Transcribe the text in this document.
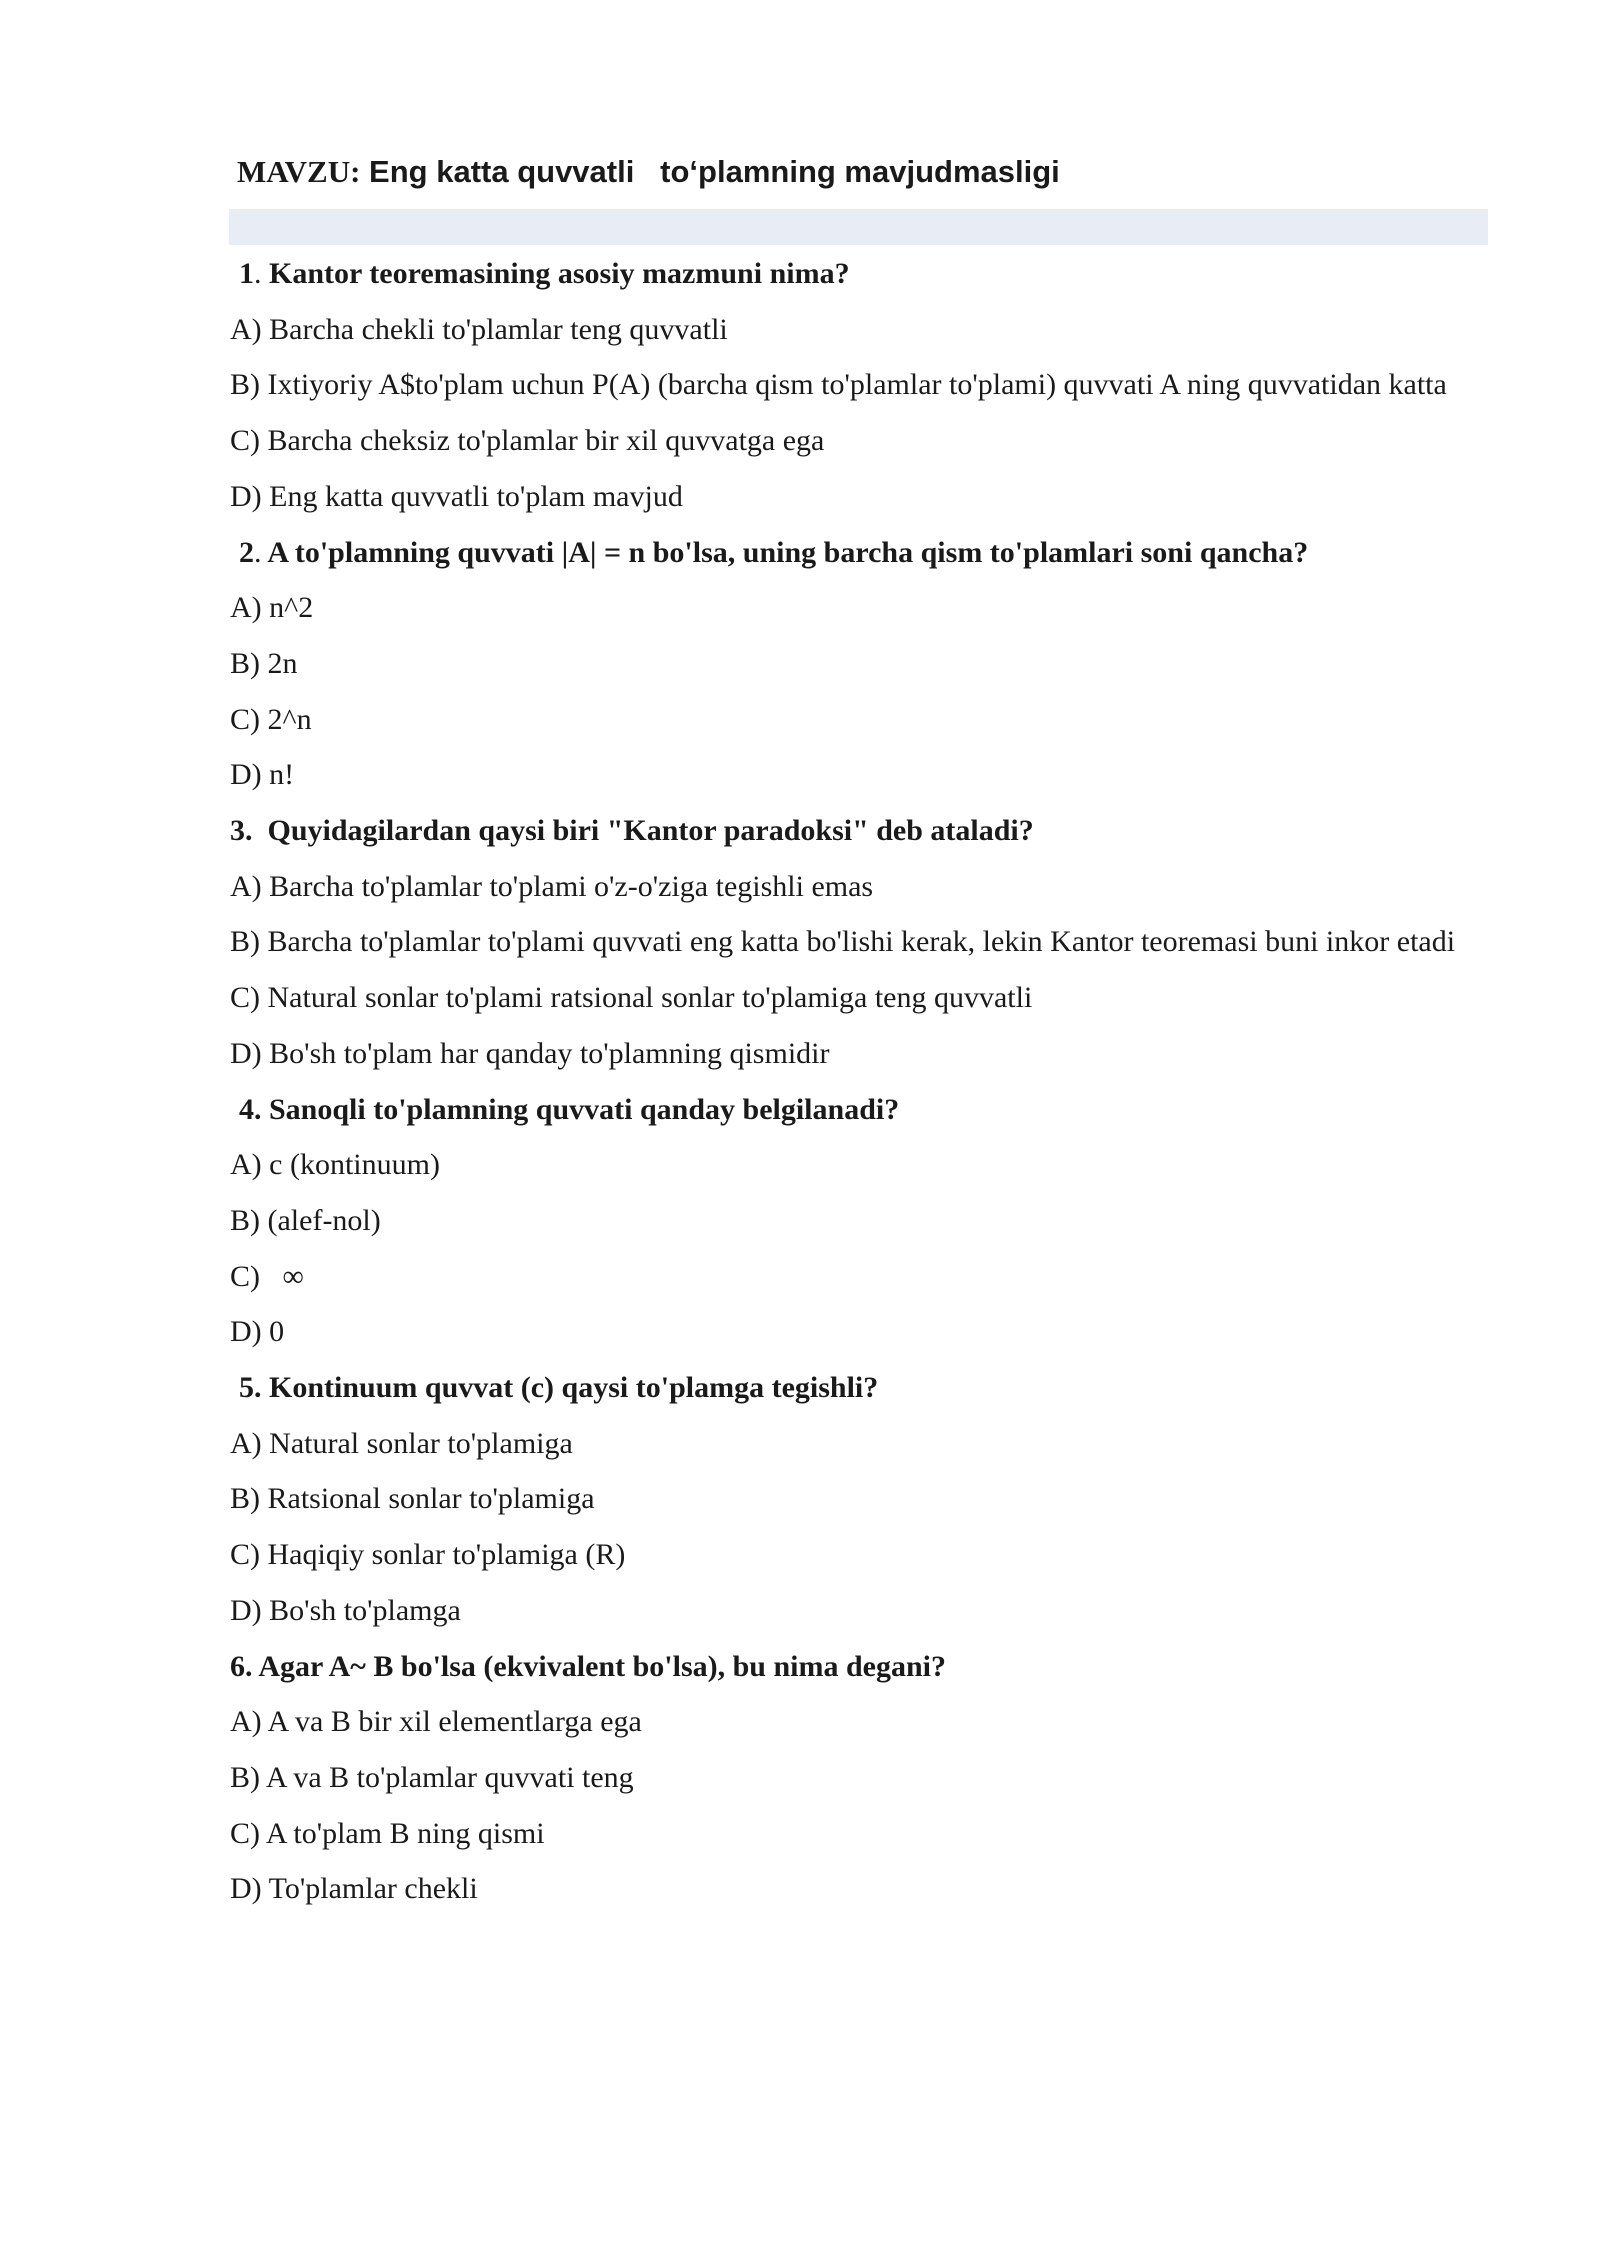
MAVZU: Eng katta quvvatli   to‘plamning mavjudmasligi
1. Kantor teoremasining asosiy mazmuni nima?
A) Barcha chekli to'plamlar teng quvvatli
B) Ixtiyoriy A$to'plam uchun P(A) (barcha qism to'plamlar to'plami) quvvati A ning quvvatidan katta
C) Barcha cheksiz to'plamlar bir xil quvvatga ega
D) Eng katta quvvatli to'plam mavjud
2. A to'plamning quvvati |A| = n bo'lsa, uning barcha qism to'plamlari soni qancha?
A) n^2
B) 2n
C) 2^n
D) n!
3.  Quyidagilardan qaysi biri "Kantor paradoksi" deb ataladi?
A) Barcha to'plamlar to'plami o'z-o'ziga tegishli emas
B) Barcha to'plamlar to'plami quvvati eng katta bo'lishi kerak, lekin Kantor teoremasi buni inkor etadi
C) Natural sonlar to'plami ratsional sonlar to'plamiga teng quvvatli
D) Bo'sh to'plam har qanday to'plamning qismidir
4. Sanoqli to'plamning quvvati qanday belgilanadi?
A) c (kontinuum)
B) (alef-nol)
C)   ∞
D) 0
5. Kontinuum quvvat (c) qaysi to'plamga tegishli?
A) Natural sonlar to'plamiga
B) Ratsional sonlar to'plamiga
C) Haqiqiy sonlar to'plamiga (R)
D) Bo'sh to'plamga
6. Agar A~ B bo'lsa (ekvivalent bo'lsa), bu nima degani?
A) A va B bir xil elementlarga ega
B) A va B to'plamlar quvvati teng
C) A to'plam B ning qismi
D) To'plamlar chekli
